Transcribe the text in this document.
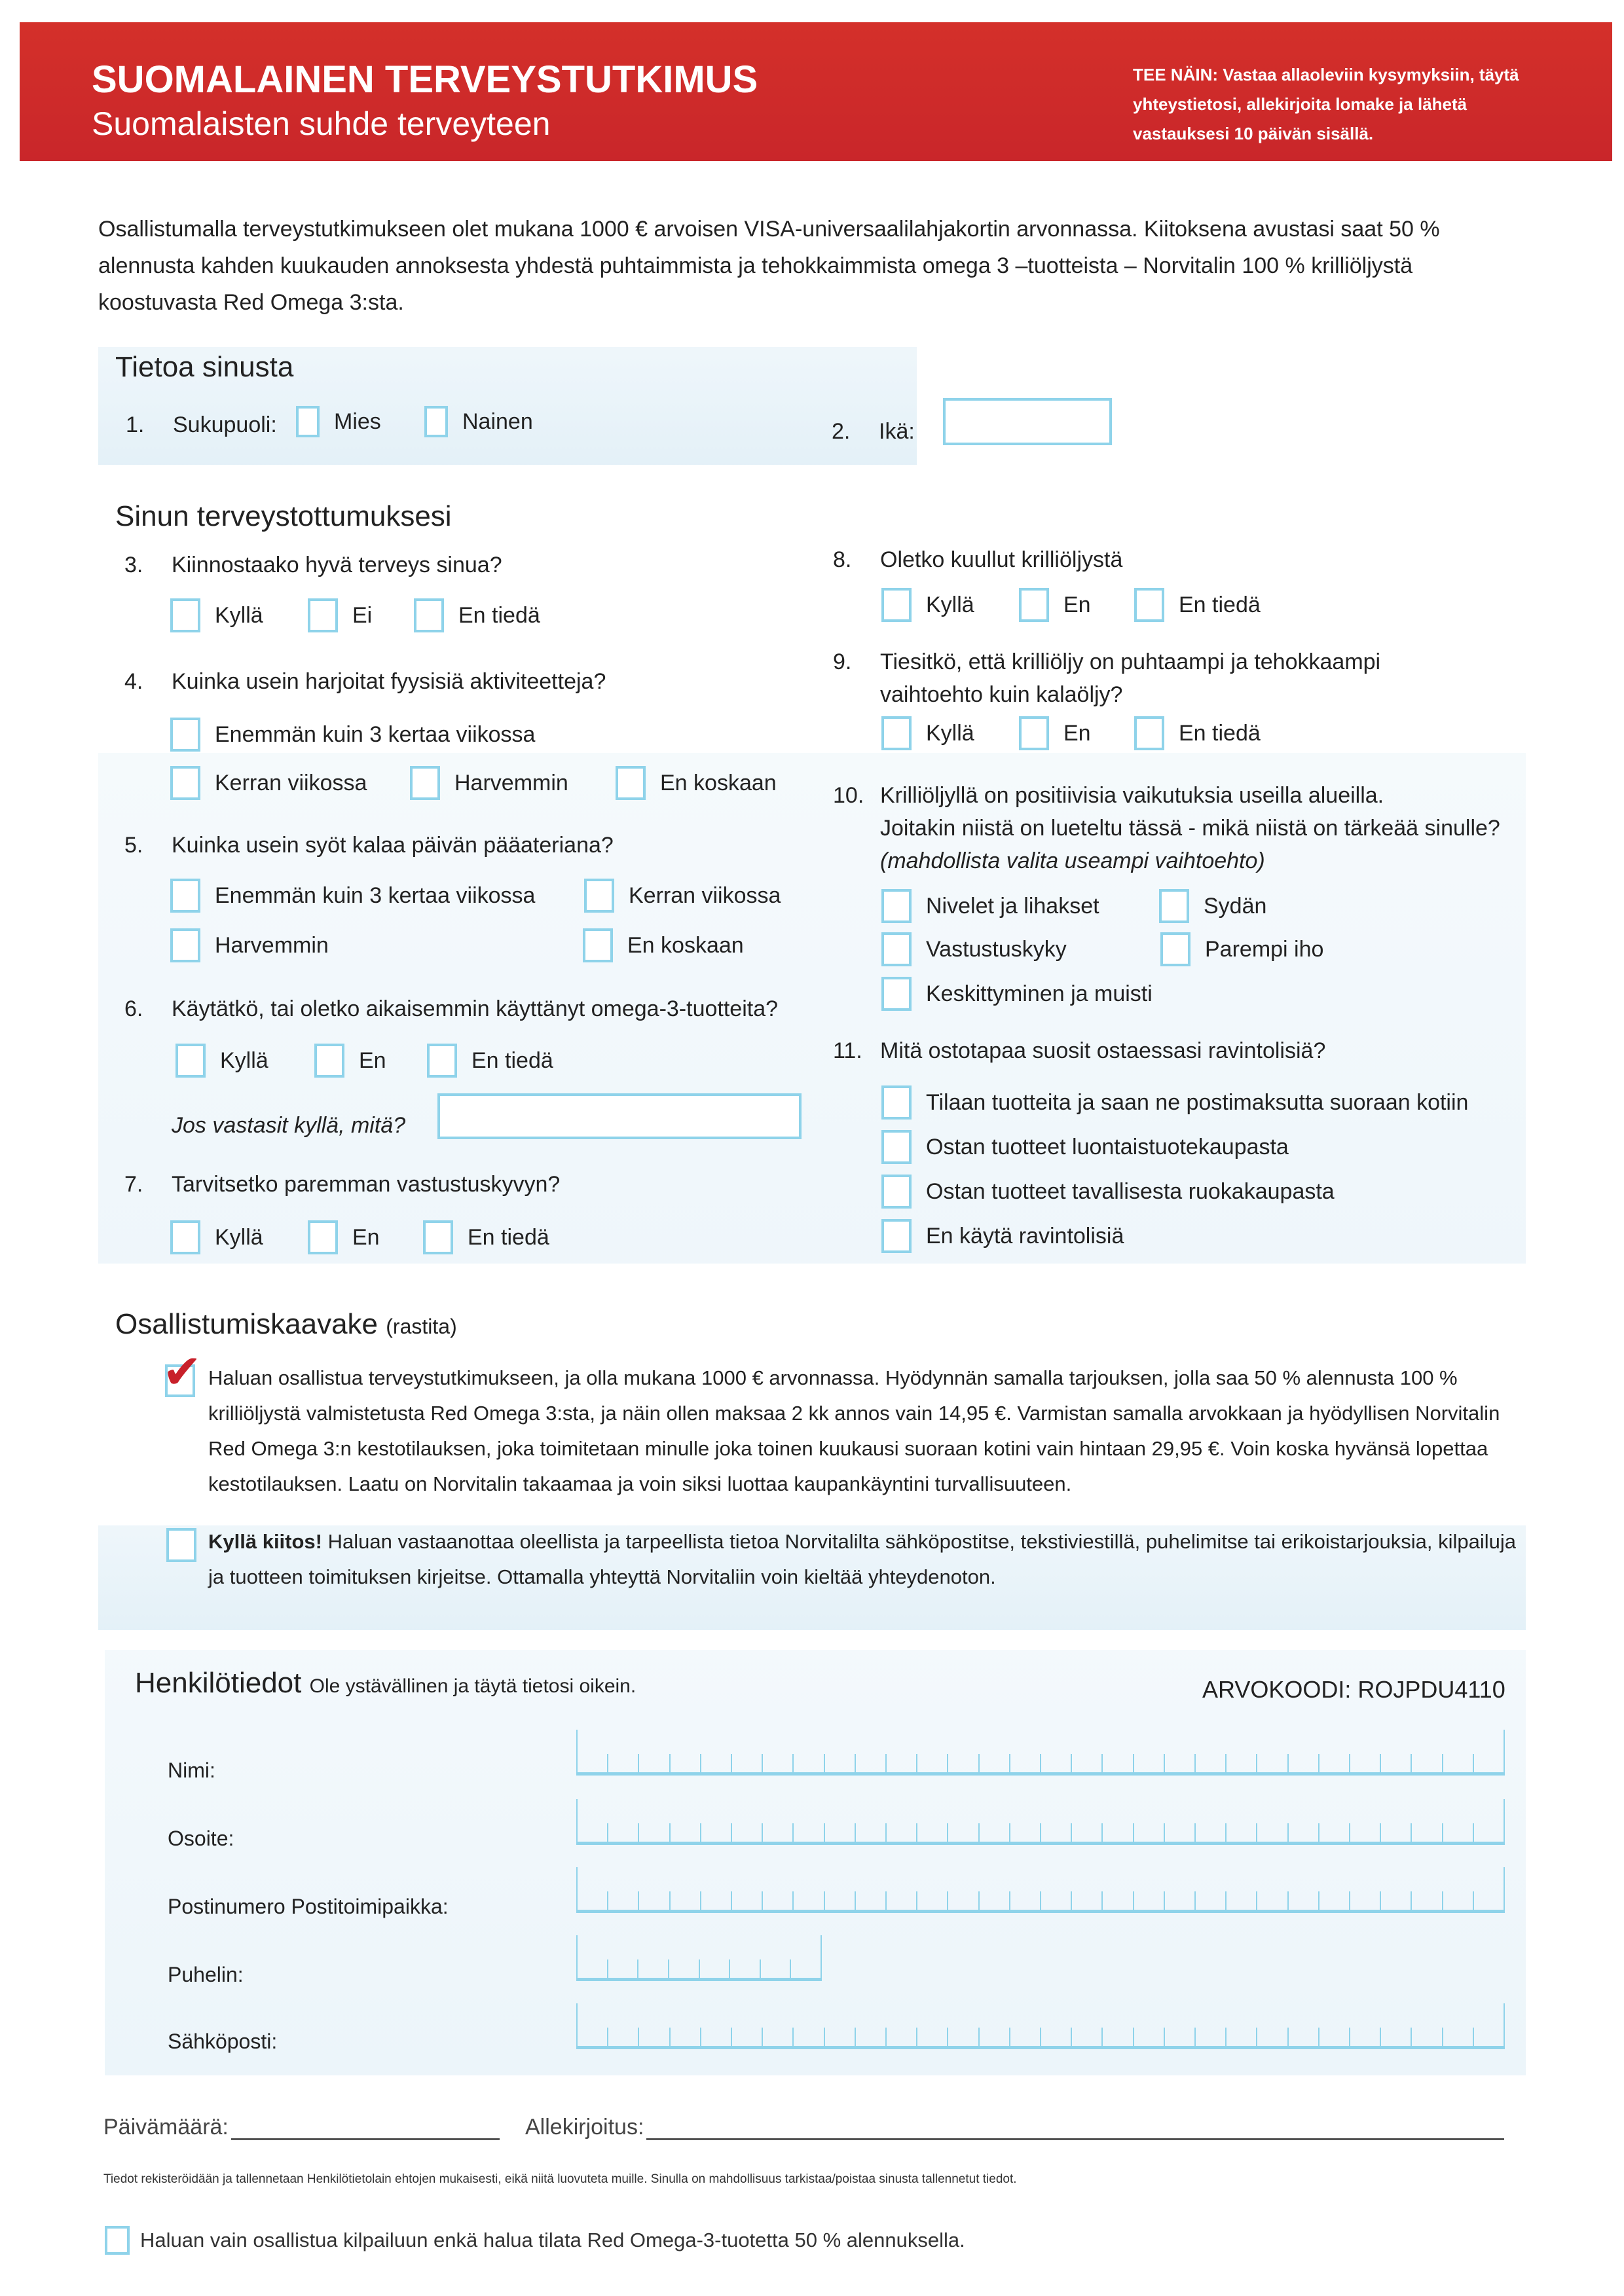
SUOMALAINEN TERVEYSTUTKIMUS
Suomalaisten suhde terveyteen
TEE NÄIN: Vastaa allaoleviin kysymyksiin, täytä yhteystietosi, allekirjoita lomake ja lähetä vastauksesi 10 päivän sisällä.
Osallistumalla terveystutkimukseen olet mukana 1000 € arvoisen VISA-universaalilahjakortin arvonnassa. Kiitoksena avustasi saat 50 % alennusta kahden kuukauden annoksesta yhdestä puhtaimmista ja tehokkaimmista omega 3 –tuotteista – Norvitalin 100 % krilliöljystä koostuvasta Red Omega 3:sta.
Tietoa sinusta
1. Sukupuoli:	Mies	Nainen	2. Ikä:
Sinun terveystottumuksesi
3. Kiinnostaako hyvä terveys sinua?
Kyllä	Ei	En tiedä
4. Kuinka usein harjoitat fyysisiä aktiviteetteja?
Enemmän kuin 3 kertaa viikossa
Kerran viikossa	Harvemmin	En koskaan
5. Kuinka usein syöt kalaa päivän pääateriana?
Enemmän kuin 3 kertaa viikossa	Kerran viikossa
Harvemmin	En koskaan
6. Käytätkö, tai oletko aikaisemmin käyttänyt omega-3-tuotteita?
Kyllä	En	En tiedä
Jos vastasit kyllä, mitä?
7. Tarvitsetko paremman vastustuskyvyn?
Kyllä	En	En tiedä
8. Oletko kuullut krilliöljystä
Kyllä	En	En tiedä
9. Tiesitkö, että krilliöljy on puhtaampi ja tehokkaampi
vaihtoehto kuin kalaöljy?
Kyllä	En	En tiedä
10. Krilliöljyllä on positiivisia vaikutuksia useilla alueilla.
Joitakin niistä on lueteltu tässä - mikä niistä on tärkeää sinulle?
(mahdollista valita useampi vaihtoehto)
Nivelet ja lihakset	Sydän
Vastustuskyky	Parempi iho
Keskittyminen ja muisti
11. Mitä ostotapaa suosit ostaessasi ravintolisiä?
Tilaan tuotteita ja saan ne postimaksutta suoraan kotiin
Ostan tuotteet luontaistuotekaupasta
Ostan tuotteet tavallisesta ruokakaupasta
En käytä ravintolisiä
Osallistumiskaavake (rastita)
✔ Haluan osallistua terveystutkimukseen, ja olla mukana 1000 € arvonnassa. Hyödynnän samalla tarjouksen, jolla saa 50 % alennusta 100 % krilliöljystä valmistetusta Red Omega 3:sta, ja näin ollen maksaa 2 kk annos vain 14,95 €. Varmistan samalla arvokkaan ja hyödyllisen Norvitalin Red Omega 3:n kestotilauksen, joka toimitetaan minulle joka toinen kuukausi suoraan kotini vain hintaan 29,95 €. Voin koska hyvänsä lopettaa kestotilauksen. Laatu on Norvitalin takaamaa ja voin siksi luottaa kaupankäyntini turvallisuuteen.
Kyllä kiitos! Haluan vastaanottaa oleellista ja tarpeellista tietoa Norvitalilta sähköpostitse, tekstiviestillä, puhelimitse tai erikoistarjouksia, kilpailuja ja tuotteen toimituksen kirjeitse. Ottamalla yhteyttä Norvitaliin voin kieltää yhteydenoton.
Henkilötiedot Ole ystävällinen ja täytä tietosi oikein.	ARVOKOODI: ROJPDU4110
Nimi:
Osoite:
Postinumero Postitoimipaikka:
Puhelin:
Sähköposti:
Päivämäärä:	Allekirjoitus:
Tiedot rekisteröidään ja tallennetaan Henkilötietolain ehtojen mukaisesti, eikä niitä luovuteta muille. Sinulla on mahdollisuus tarkistaa/poistaa sinusta tallennetut tiedot.
Haluan vain osallistua kilpailuun enkä halua tilata Red Omega-3-tuotetta 50 % alennuksella.
